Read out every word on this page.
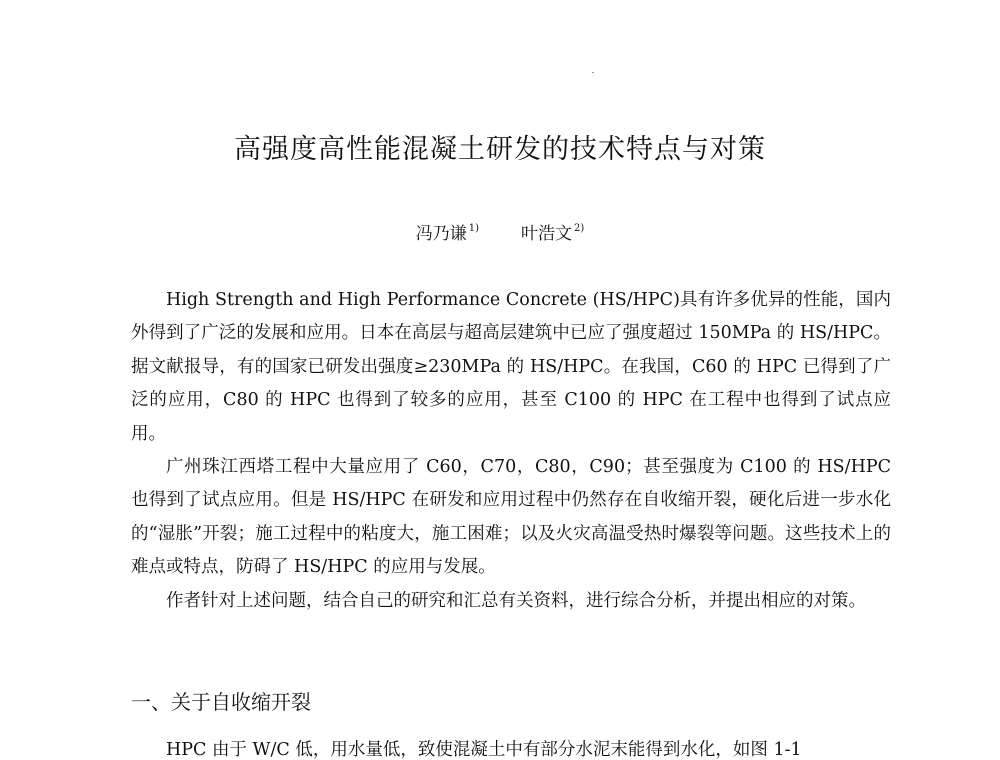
高强度高性能混凝土研发的技术特点与对策
冯乃谦 $^{1)}$ 叶浩文 $^{2)}$

High Strength and High Performance Concrete (HS/HPC)具有许多优异的性能，国内外得到了广泛的发展和应用。日本在高层与超高层建筑中已应了强度超过 150MPa 的 HS/HPC。据文献报导，有的国家已研发出强度≥230MPa 的 HS/HPC。在我国，C60 的 HPC 已得到了广泛的应用，C80 的 HPC 也得到了较多的应用，甚至 C100 的 HPC 在工程中也得到了试点应用。

广州珠江西塔工程中大量应用了 C60，C70，C80，C90；甚至强度为 C100 的 HS/HPC 也得到了试点应用。但是 HS/HPC 在研发和应用过程中仍然存在自收缩开裂，硬化后进一步水化的“湿胀”开裂；施工过程中的粘度大，施工困难；以及火灾高温受热时爆裂等问题。这些技术上的难点或特点，防碍了 HS/HPC 的应用与发展。

作者针对上述问题，结合自己的研究和汇总有关资料，进行综合分析，并提出相应的对策。

一、关于自收缩开裂

HPC 由于 W/C 低，用水量低，致使混凝土中有部分水泥末能得到水化，如图 1-1
